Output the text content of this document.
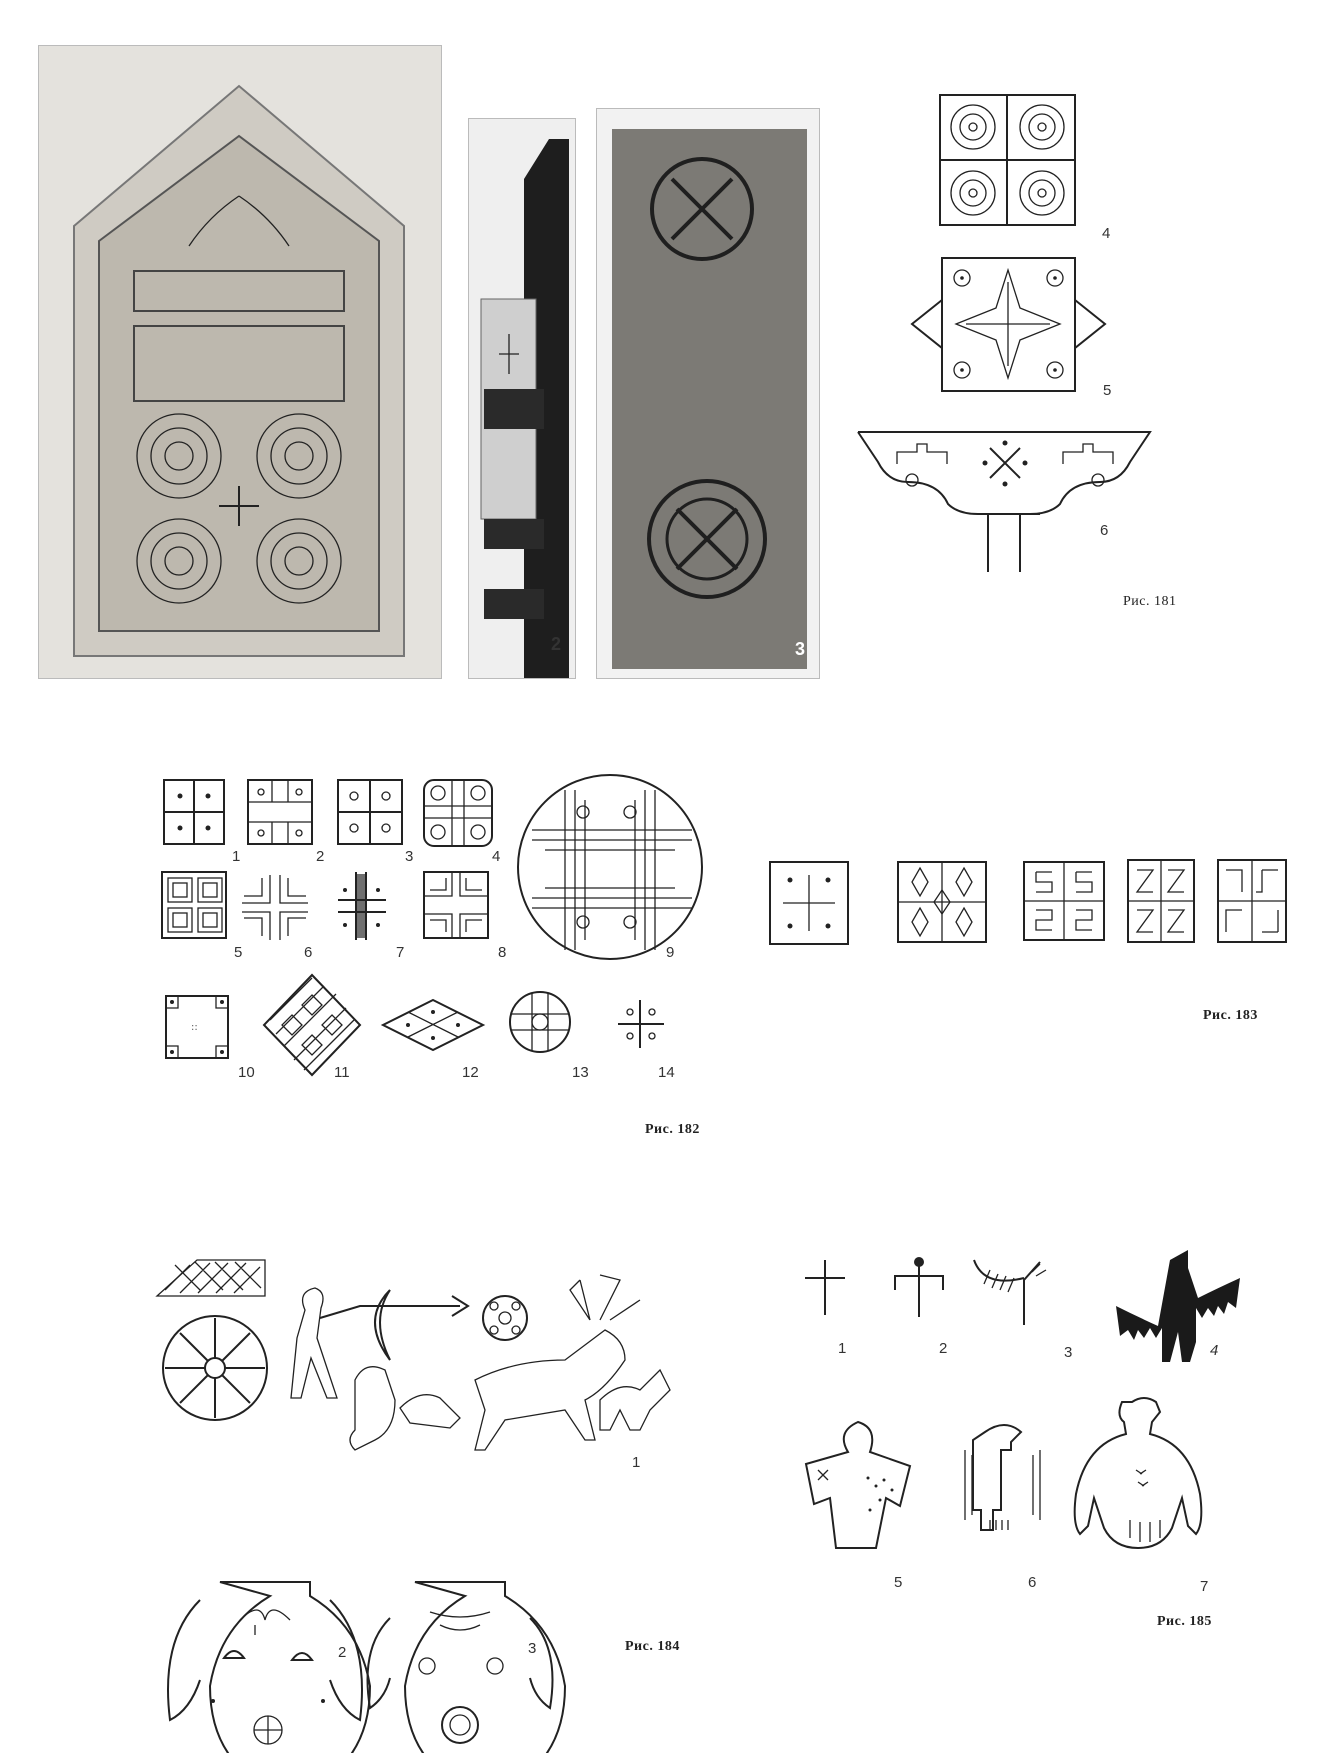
2	3
4
5
6
Рис. 181
::
1	2	3	4
5	6	7	8	9
10	11	12	13	14
Рис. 182
Рис. 183
1
2	3	Рис. 184
1	2	3	4
5	6	7
Рис. 185
